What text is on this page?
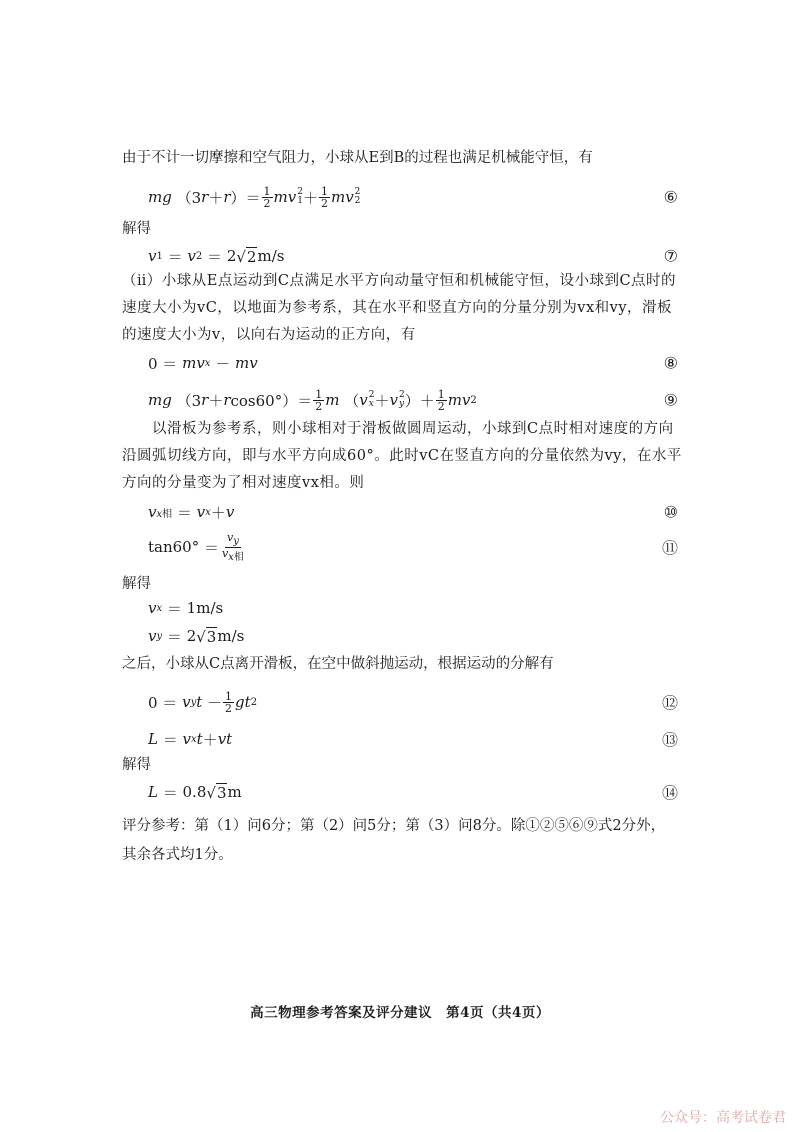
由于不计一切摩擦和空气阻力，小球从E到B的过程也满足机械能守恒，有
mg （3 r ＋ r ）＝ $\frac{1}{2}$ mv 2
$1 + \frac{1}{2}$ mv 2
2	⑥
解得
v 1 ＝ v 2 ＝ 2 √ 2 m/s	⑦
（ⅱ）小球从E点运动到C点满足水平方向动量守恒和机械能守恒，设小球到C点时的速度大小为vC，以地面为参考系，其在水平和竖直方向的分量分别为vx和vy，滑板的速度大小为v，以向右为运动的正方向，有
0 ＝ mv x － mv	⑧
mg （3 r ＋ r $\cos 60^\circ)= \frac{1}{2}$ m （ v 2
x ＋ v 2
y ）＋ $\frac{1}{2}$ mv 2	⑨
以滑板为参考系，则小球相对于滑板做圆周运动，小球到C点时相对速度的方向沿圆弧切线方向，即与水平方向成60°。此时vC在竖直方向的分量依然为vy，在水平方向的分量变为了相对速度vx相。则
v x相 ＝ v x ＋ v	⑩
$\tan 60^\circ = \frac{vy}{\text{vx相}}$	⑪
解得
v x ＝ 1m/s
v y ＝ 2 √ 3 m/s
之后，小球从C点离开滑板，在空中做斜抛运动，根据运动的分解有
0 ＝ v y $t - \frac{1}{2}$ gt 2	⑫
L ＝ v x t ＋ vt	⑬
解得
L ＝ 0.8 √ 3 m	⑭
评分参考：第（1）问6分；第（2）问5分；第（3）问8分。除①②⑤⑥⑨式2分外，
其余各式均1分。
高三物理参考答案及评分建议　第4页（共4页）
公众号：高考试卷君
